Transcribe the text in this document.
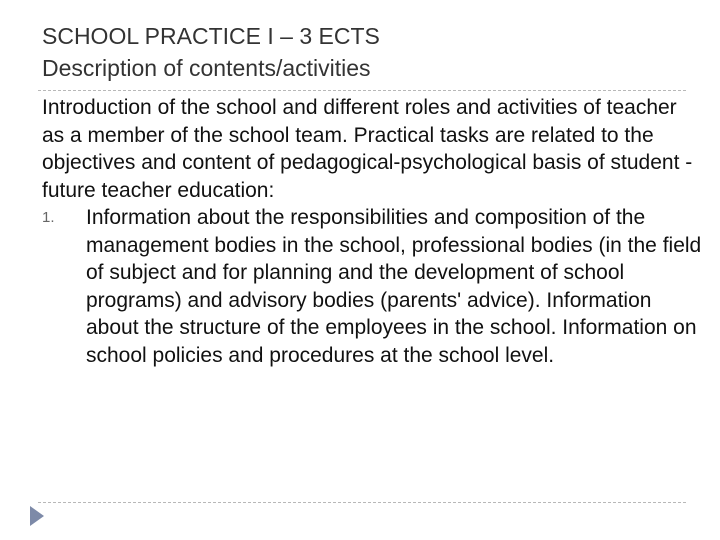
SCHOOL PRACTICE I – 3 ECTS
Description of contents/activities

Introduction of the school and different roles and activities of teacher as a member of the school team. Practical tasks are related to the objectives and content of pedagogical-psychological basis of student - future teacher education:

1. Information about the responsibilities and composition of the management bodies in the school, professional bodies (in the field of subject and for planning and the development of school programs) and advisory bodies (parents' advice). Information about the structure of the employees in the school. Information on school policies and procedures at the school level.
